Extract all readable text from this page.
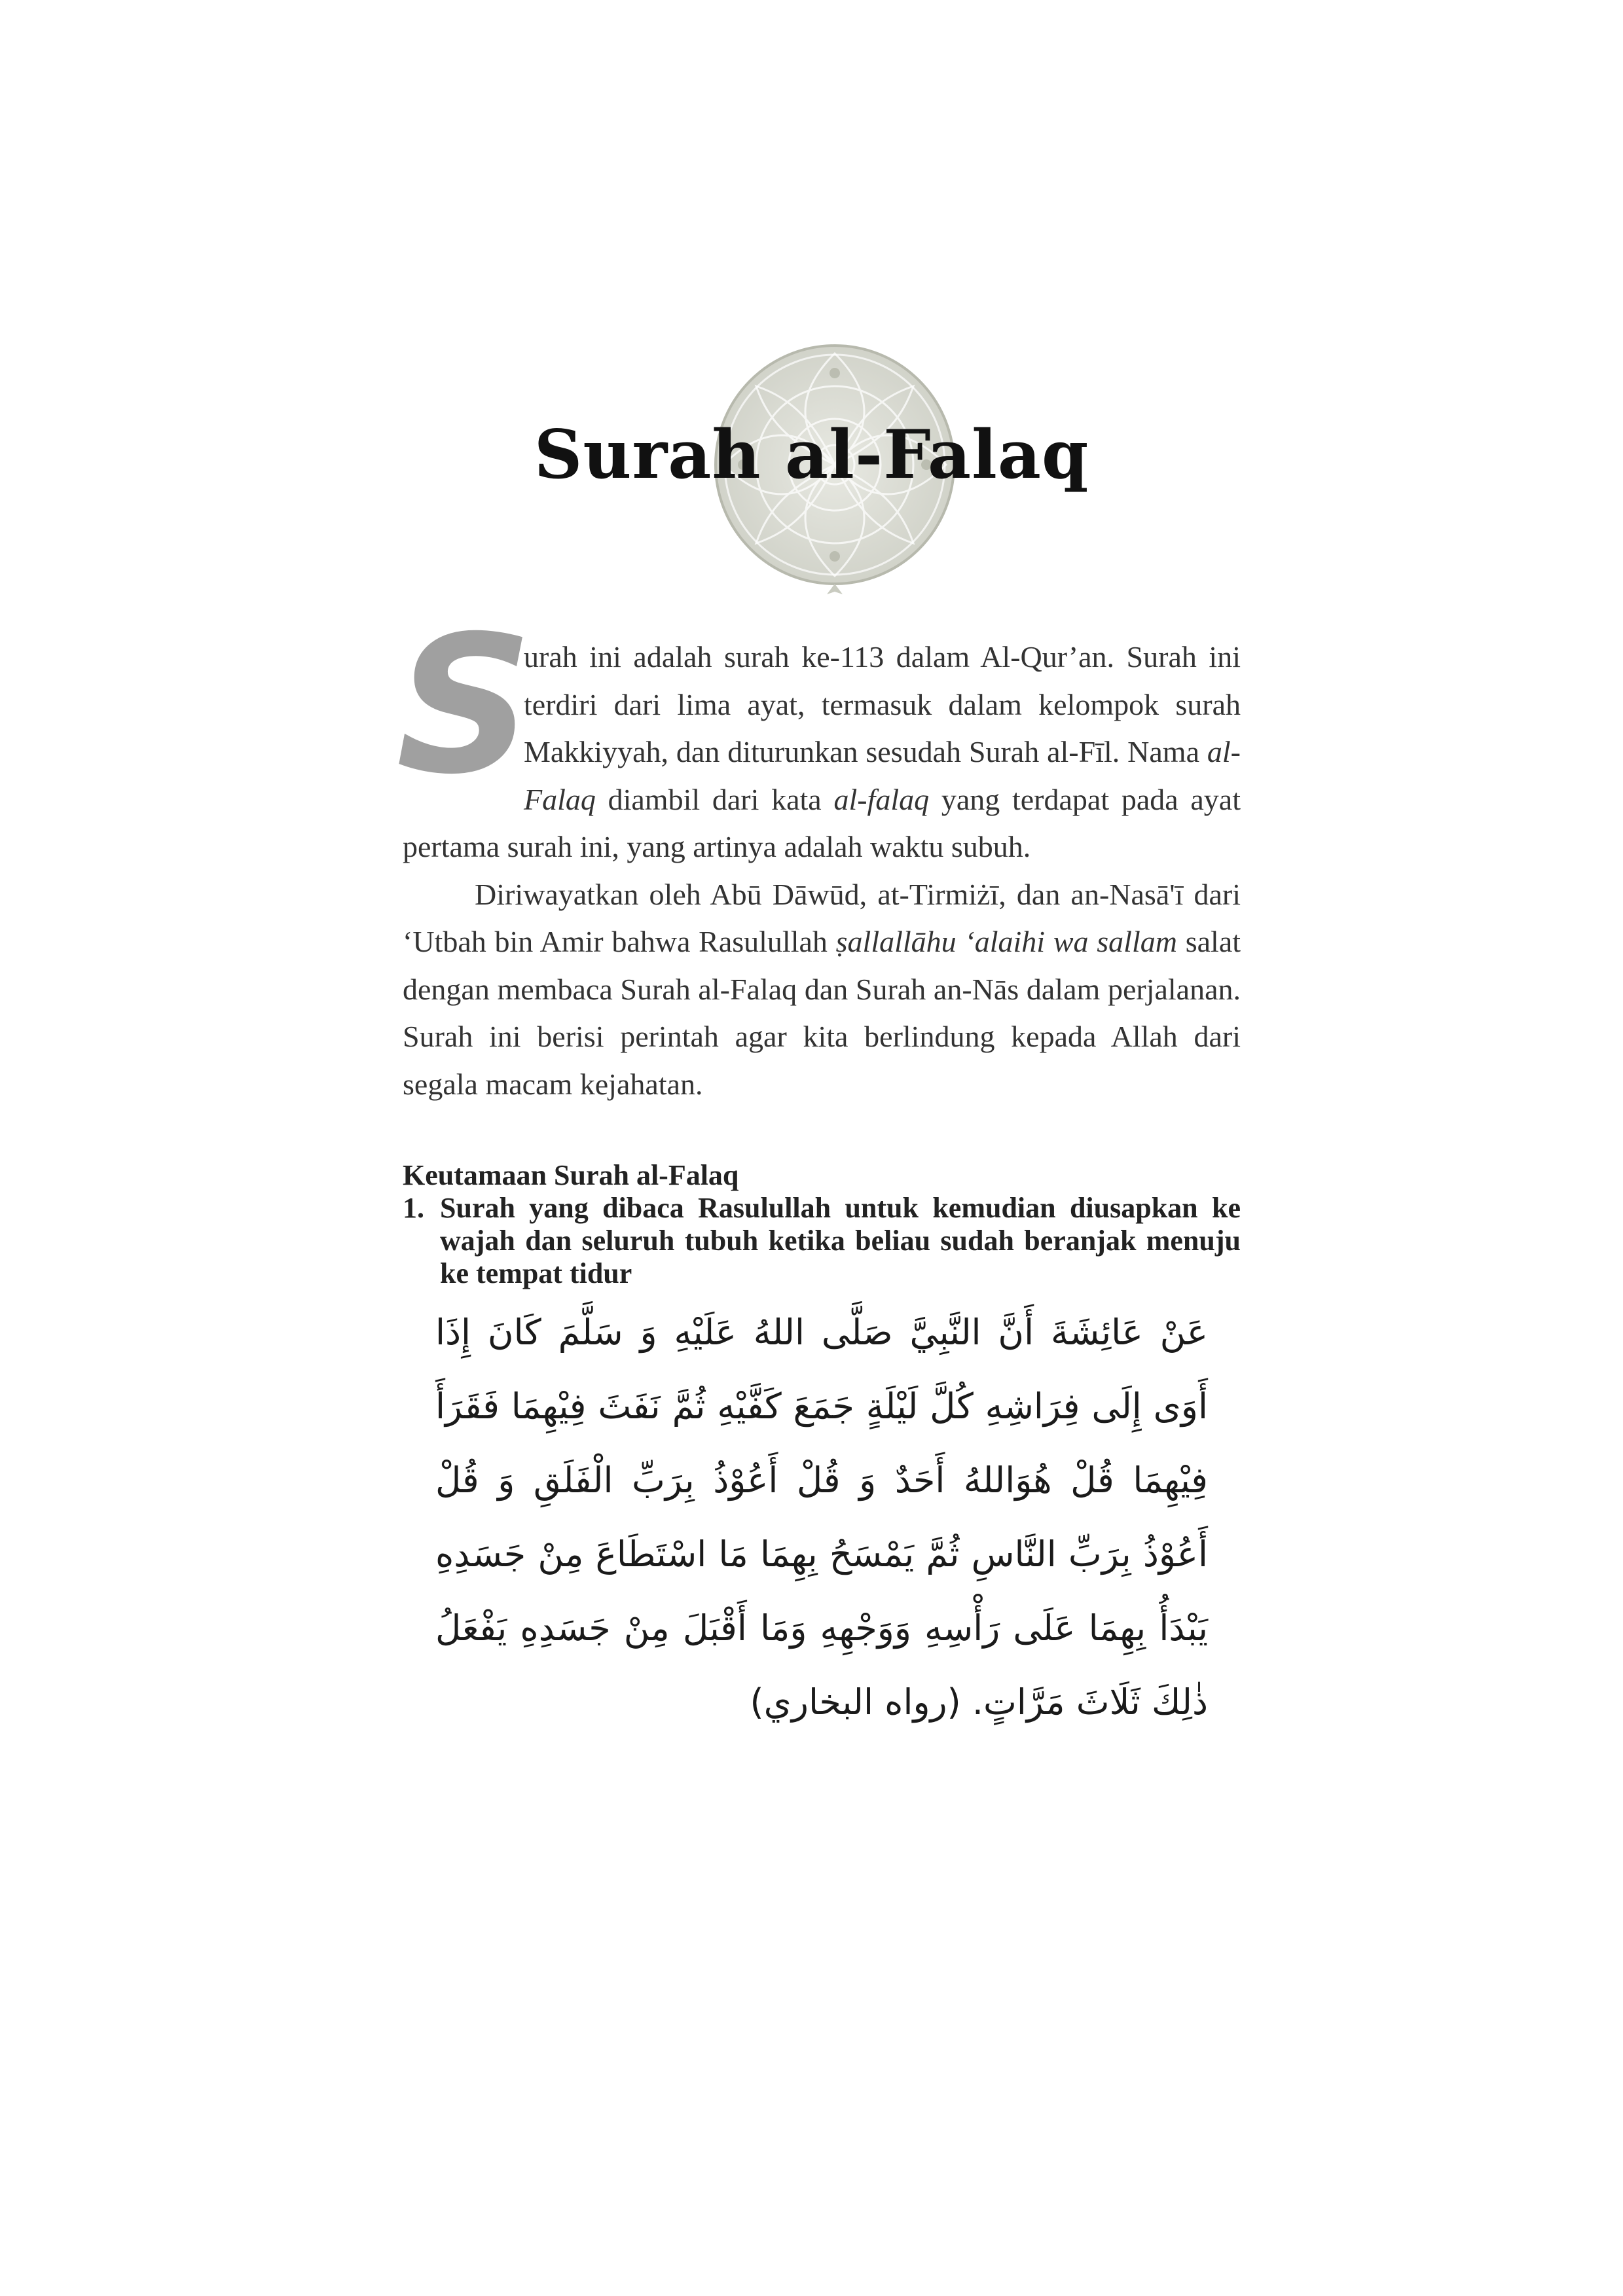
Surah al-Falaq

S
urah ini adalah surah ke-113 dalam Al-Qur’an. Surah ini terdiri dari lima ayat, termasuk dalam kelompok surah Makkiyyah, dan diturunkan sesudah Surah al-Fīl. Nama al-Falaq diambil dari kata al-falaq yang terdapat pada ayat pertama surah ini, yang artinya adalah waktu subuh.

Diriwayatkan oleh Abū Dāwūd, at-Tirmiżī, dan an-Nasā'ī dari ‘Utbah bin Amir bahwa Rasulullah ṣallallāhu ‘alaihi wa sallam salat dengan membaca Surah al-Falaq dan Surah an-Nās dalam perjalanan. Surah ini berisi perintah agar kita berlindung kepada Allah dari segala macam kejahatan.

Keutamaan Surah al-Falaq

1. Surah yang dibaca Rasulullah untuk kemudian diusapkan ke wajah dan seluruh tubuh ketika beliau sudah beranjak menuju ke tempat tidur

عَنْ عَائِشَةَ أَنَّ النَّبِيَّ صَلَّى اللهُ عَلَيْهِ وَ سَلَّمَ كَانَ إِذَا أَوَى إِلَى فِرَاشِهِ كُلَّ لَيْلَةٍ جَمَعَ كَفَّيْهِ ثُمَّ نَفَثَ فِيْهِمَا فَقَرَأَ فِيْهِمَا قُلْ هُوَاللهُ أَحَدٌ وَ قُلْ أَعُوْذُ بِرَبِّ الْفَلَقِ وَ قُلْ أَعُوْذُ بِرَبِّ النَّاسِ ثُمَّ يَمْسَحُ بِهِمَا مَا اسْتَطَاعَ مِنْ جَسَدِهِ يَبْدَأُ بِهِمَا عَلَى رَأْسِهِ وَوَجْهِهِ وَمَا أَقْبَلَ مِنْ جَسَدِهِ يَفْعَلُ ذٰلِكَ ثَلَاثَ مَرَّاتٍ. (رواه البخاري)
